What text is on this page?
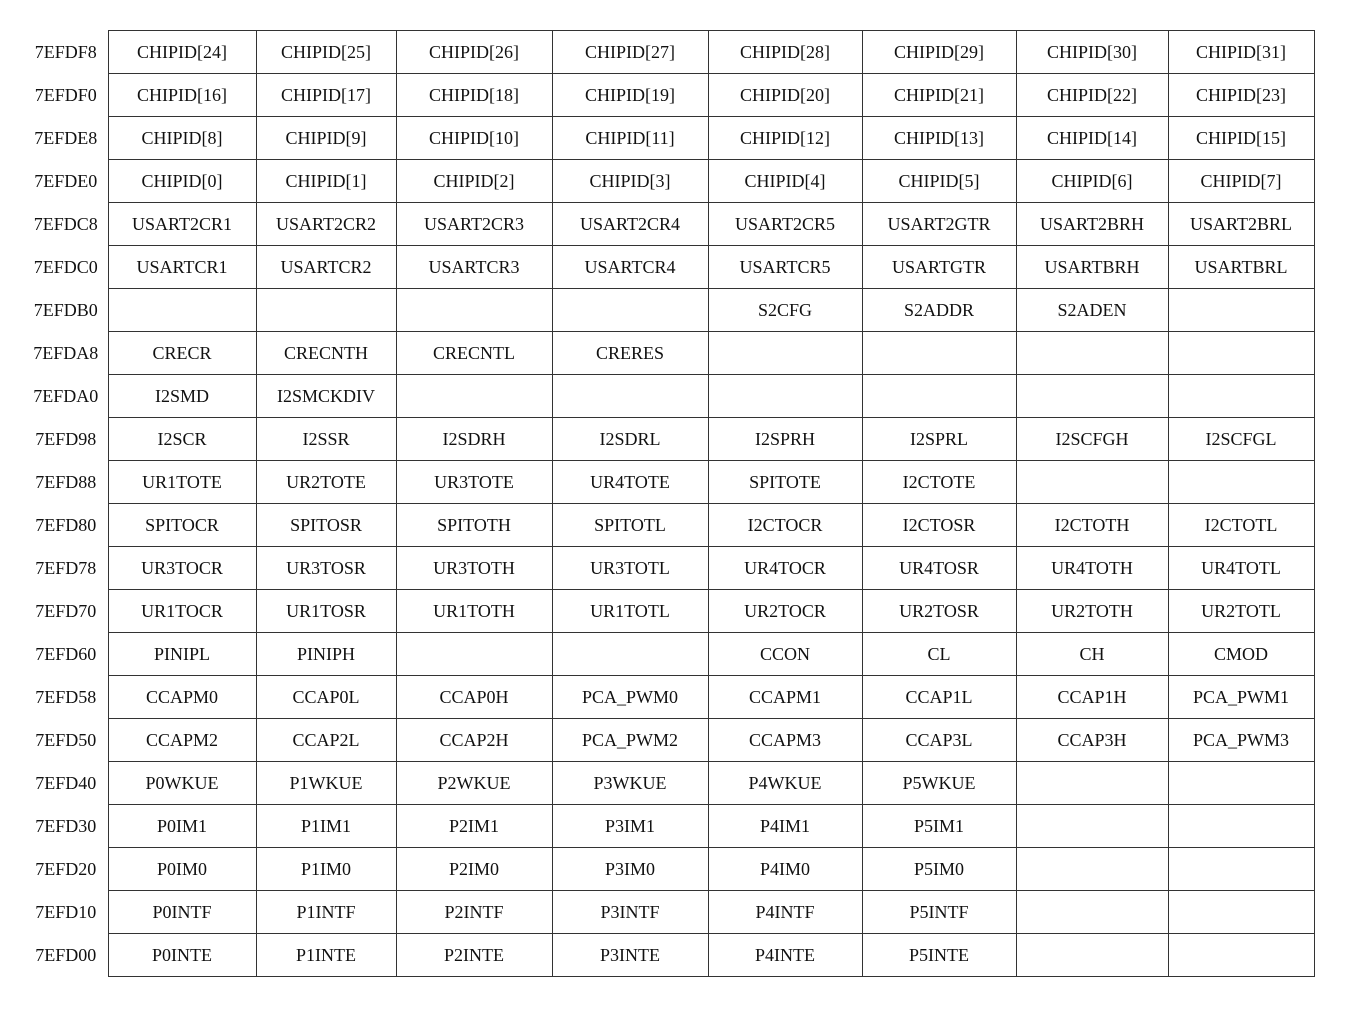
7EFDF8	CHIPID[24]	CHIPID[25]	CHIPID[26]	CHIPID[27]	CHIPID[28]	CHIPID[29]	CHIPID[30]	CHIPID[31]
7EFDF0	CHIPID[16]	CHIPID[17]	CHIPID[18]	CHIPID[19]	CHIPID[20]	CHIPID[21]	CHIPID[22]	CHIPID[23]
7EFDE8	CHIPID[8]	CHIPID[9]	CHIPID[10]	CHIPID[11]	CHIPID[12]	CHIPID[13]	CHIPID[14]	CHIPID[15]
7EFDE0	CHIPID[0]	CHIPID[1]	CHIPID[2]	CHIPID[3]	CHIPID[4]	CHIPID[5]	CHIPID[6]	CHIPID[7]
7EFDC8	USART2CR1	USART2CR2	USART2CR3	USART2CR4	USART2CR5	USART2GTR	USART2BRH	USART2BRL
7EFDC0	USARTCR1	USARTCR2	USARTCR3	USARTCR4	USARTCR5	USARTGTR	USARTBRH	USARTBRL
7EFDB0					S2CFG	S2ADDR	S2ADEN	
7EFDA8	CRECR	CRECNTH	CRECNTL	CRERES				
7EFDA0	I2SMD	I2SMCKDIV						
7EFD98	I2SCR	I2SSR	I2SDRH	I2SDRL	I2SPRH	I2SPRL	I2SCFGH	I2SCFGL
7EFD88	UR1TOTE	UR2TOTE	UR3TOTE	UR4TOTE	SPITOTE	I2CTOTE		
7EFD80	SPITOCR	SPITOSR	SPITOTH	SPITOTL	I2CTOCR	I2CTOSR	I2CTOTH	I2CTOTL
7EFD78	UR3TOCR	UR3TOSR	UR3TOTH	UR3TOTL	UR4TOCR	UR4TOSR	UR4TOTH	UR4TOTL
7EFD70	UR1TOCR	UR1TOSR	UR1TOTH	UR1TOTL	UR2TOCR	UR2TOSR	UR2TOTH	UR2TOTL
7EFD60	PINIPL	PINIPH			CCON	CL	CH	CMOD
7EFD58	CCAPM0	CCAP0L	CCAP0H	PCA_PWM0	CCAPM1	CCAP1L	CCAP1H	PCA_PWM1
7EFD50	CCAPM2	CCAP2L	CCAP2H	PCA_PWM2	CCAPM3	CCAP3L	CCAP3H	PCA_PWM3
7EFD40	P0WKUE	P1WKUE	P2WKUE	P3WKUE	P4WKUE	P5WKUE		
7EFD30	P0IM1	P1IM1	P2IM1	P3IM1	P4IM1	P5IM1		
7EFD20	P0IM0	P1IM0	P2IM0	P3IM0	P4IM0	P5IM0		
7EFD10	P0INTF	P1INTF	P2INTF	P3INTF	P4INTF	P5INTF		
7EFD00	P0INTE	P1INTE	P2INTE	P3INTE	P4INTE	P5INTE		
